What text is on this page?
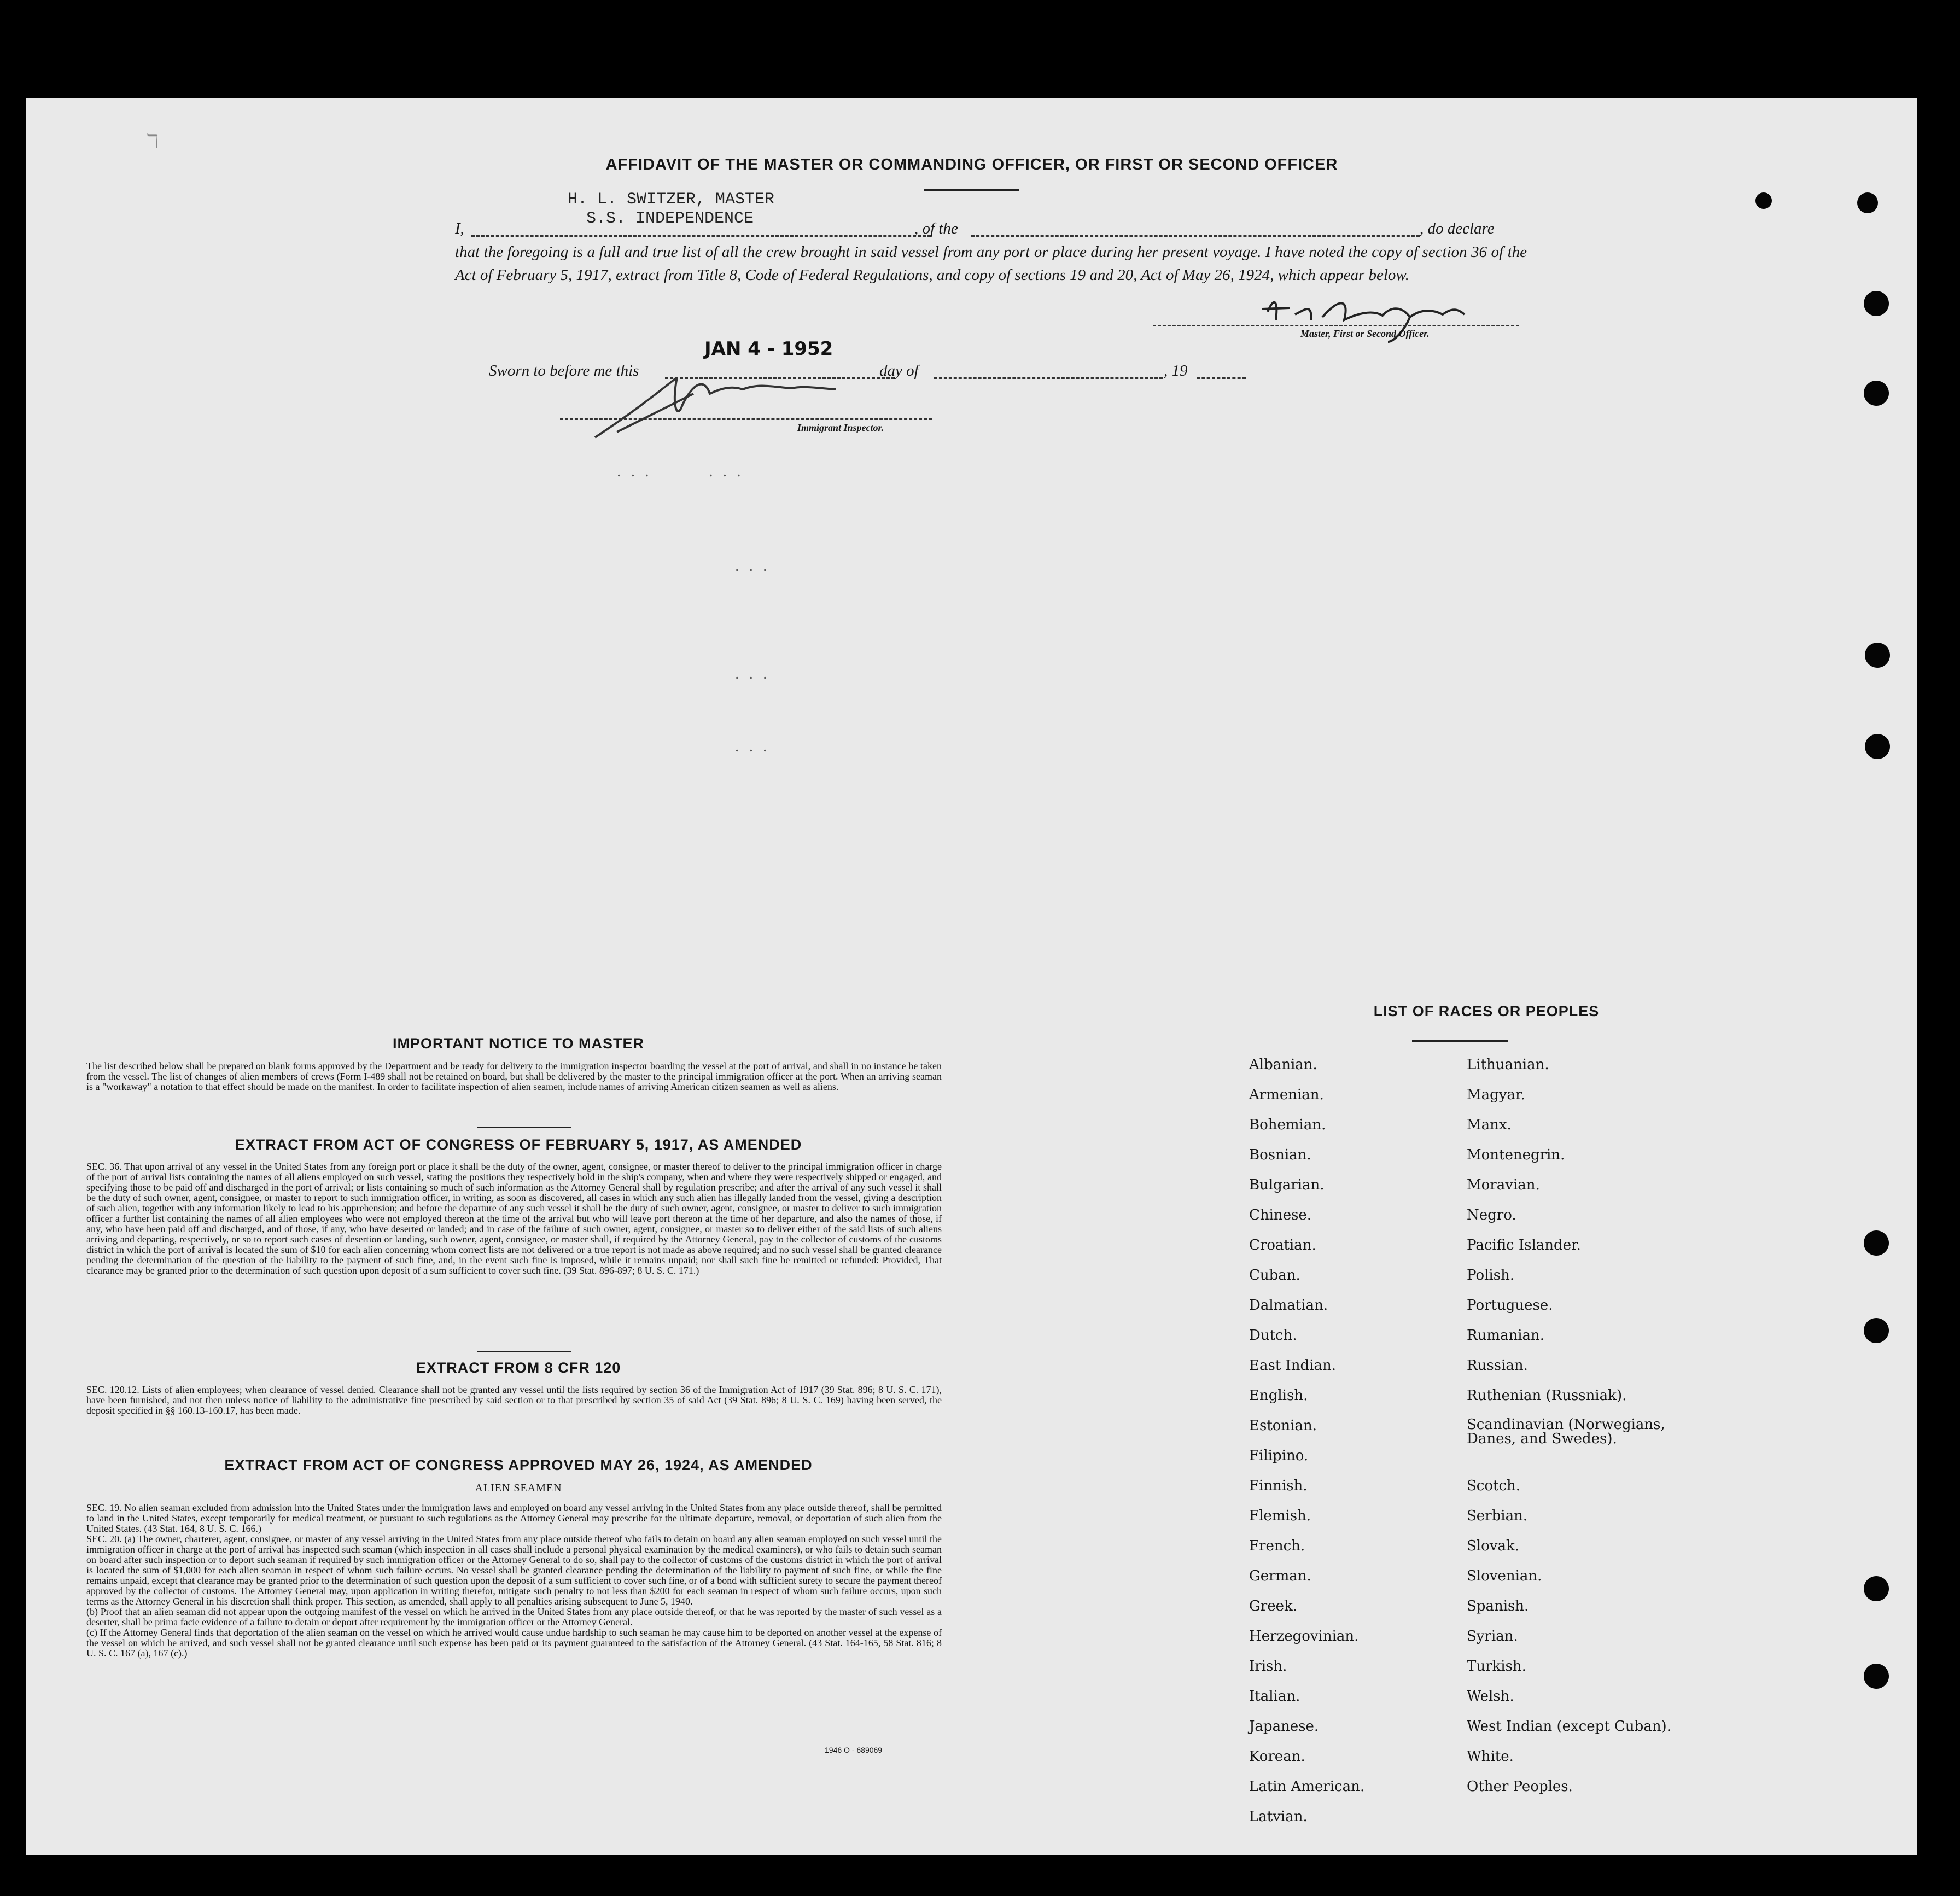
ℸ
AFFIDAVIT OF THE MASTER OR COMMANDING OFFICER, OR FIRST OR SECOND OFFICER
H. L. SWITZER, MASTER
S.S. INDEPENDENCE
I,	, of the	, do declare
that the foregoing is a full and true list of all the crew brought in said vessel from any port or place during her present voyage. I have noted the copy of section 36 of the Act of February 5, 1917, extract from Title 8, Code of Federal Regulations, and copy of sections 19 and 20, Act of May 26, 1924, which appear below.
Master, First or Second Officer.
Sworn to before me this
JAN 4 - 1952
day of	, 19
Immigrant Inspector.
...	...
...
...
...
IMPORTANT NOTICE TO MASTER
The list described below shall be prepared on blank forms approved by the Department and be ready for delivery to the immigration inspector boarding the vessel at the port of arrival, and shall in no instance be taken from the vessel. The list of changes of alien members of crews (Form I-489 shall not be retained on board, but shall be delivered by the master to the principal immigration officer at the port. When an arriving seaman is a "workaway" a notation to that effect should be made on the manifest. In order to facilitate inspection of alien seamen, include names of arriving American citizen seamen as well as aliens.
EXTRACT FROM ACT OF CONGRESS OF FEBRUARY 5, 1917, AS AMENDED
SEC. 36. That upon arrival of any vessel in the United States from any foreign port or place it shall be the duty of the owner, agent, consignee, or master thereof to deliver to the principal immigration officer in charge of the port of arrival lists containing the names of all aliens employed on such vessel, stating the positions they respectively hold in the ship's company, when and where they were respectively shipped or engaged, and specifying those to be paid off and discharged in the port of arrival; or lists containing so much of such information as the Attorney General shall by regulation prescribe; and after the arrival of any such vessel it shall be the duty of such owner, agent, consignee, or master to report to such immigration officer, in writing, as soon as discovered, all cases in which any such alien has illegally landed from the vessel, giving a description of such alien, together with any information likely to lead to his apprehension; and before the departure of any such vessel it shall be the duty of such owner, agent, consignee, or master to deliver to such immigration officer a further list containing the names of all alien employees who were not employed thereon at the time of the arrival but who will leave port thereon at the time of her departure, and also the names of those, if any, who have been paid off and discharged, and of those, if any, who have deserted or landed; and in case of the failure of such owner, agent, consignee, or master so to deliver either of the said lists of such aliens arriving and departing, respectively, or so to report such cases of desertion or landing, such owner, agent, consignee, or master shall, if required by the Attorney General, pay to the collector of customs of the customs district in which the port of arrival is located the sum of $10 for each alien concerning whom correct lists are not delivered or a true report is not made as above required; and no such vessel shall be granted clearance pending the determination of the question of the liability to the payment of such fine, and, in the event such fine is imposed, while it remains unpaid; nor shall such fine be remitted or refunded: Provided, That clearance may be granted prior to the determination of such question upon deposit of a sum sufficient to cover such fine. (39 Stat. 896-897; 8 U. S. C. 171.)
EXTRACT FROM 8 CFR 120
SEC. 120.12. Lists of alien employees; when clearance of vessel denied. Clearance shall not be granted any vessel until the lists required by section 36 of the Immigration Act of 1917 (39 Stat. 896; 8 U. S. C. 171), have been furnished, and not then unless notice of liability to the administrative fine prescribed by said section or to that prescribed by section 35 of said Act (39 Stat. 896; 8 U. S. C. 169) having been served, the deposit specified in §§ 160.13-160.17, has been made.
EXTRACT FROM ACT OF CONGRESS APPROVED MAY 26, 1924, AS AMENDED
ALIEN SEAMEN
SEC. 19. No alien seaman excluded from admission into the United States under the immigration laws and employed on board any vessel arriving in the United States from any place outside thereof, shall be permitted to land in the United States, except temporarily for medical treatment, or pursuant to such regulations as the Attorney General may prescribe for the ultimate departure, removal, or deportation of such alien from the United States. (43 Stat. 164, 8 U. S. C. 166.)
SEC. 20. (a) The owner, charterer, agent, consignee, or master of any vessel arriving in the United States from any place outside thereof who fails to detain on board any alien seaman employed on such vessel until the immigration officer in charge at the port of arrival has inspected such seaman (which inspection in all cases shall include a personal physical examination by the medical examiners), or who fails to detain such seaman on board after such inspection or to deport such seaman if required by such immigration officer or the Attorney General to do so, shall pay to the collector of customs of the customs district in which the port of arrival is located the sum of $1,000 for each alien seaman in respect of whom such failure occurs. No vessel shall be granted clearance pending the determination of the liability to payment of such fine, or while the fine remains unpaid, except that clearance may be granted prior to the determination of such question upon the deposit of a sum sufficient to cover such fine, or of a bond with sufficient surety to secure the payment thereof approved by the collector of customs. The Attorney General may, upon application in writing therefor, mitigate such penalty to not less than $200 for each seaman in respect of whom such failure occurs, upon such terms as the Attorney General in his discretion shall think proper. This section, as amended, shall apply to all penalties arising subsequent to June 5, 1940.
(b) Proof that an alien seaman did not appear upon the outgoing manifest of the vessel on which he arrived in the United States from any place outside thereof, or that he was reported by the master of such vessel as a deserter, shall be prima facie evidence of a failure to detain or deport after requirement by the immigration officer or the Attorney General.
(c) If the Attorney General finds that deportation of the alien seaman on the vessel on which he arrived would cause undue hardship to such seaman he may cause him to be deported on another vessel at the expense of the vessel on which he arrived, and such vessel shall not be granted clearance until such expense has been paid or its payment guaranteed to the satisfaction of the Attorney General. (43 Stat. 164-165, 58 Stat. 816; 8 U. S. C. 167 (a), 167 (c).)
1946 O - 689069
LIST OF RACES OR PEOPLES
Albanian.
Armenian.
Bohemian.
Bosnian.
Bulgarian.
Chinese.
Croatian.
Cuban.
Dalmatian.
Dutch.
East Indian.
English.
Estonian.
Filipino.
Finnish.
Flemish.
French.
German.
Greek.
Herzegovinian.
Irish.
Italian.
Japanese.
Korean.
Latin American.
Latvian.
Lithuanian.
Magyar.
Manx.
Montenegrin.
Moravian.
Negro.
Pacific Islander.
Polish.
Portuguese.
Rumanian.
Russian.
Ruthenian (Russniak).
Scandinavian (Norwegians, Danes, and Swedes).
Scotch.
Serbian.
Slovak.
Slovenian.
Spanish.
Syrian.
Turkish.
Welsh.
West Indian (except Cuban).
White.
Other Peoples.
